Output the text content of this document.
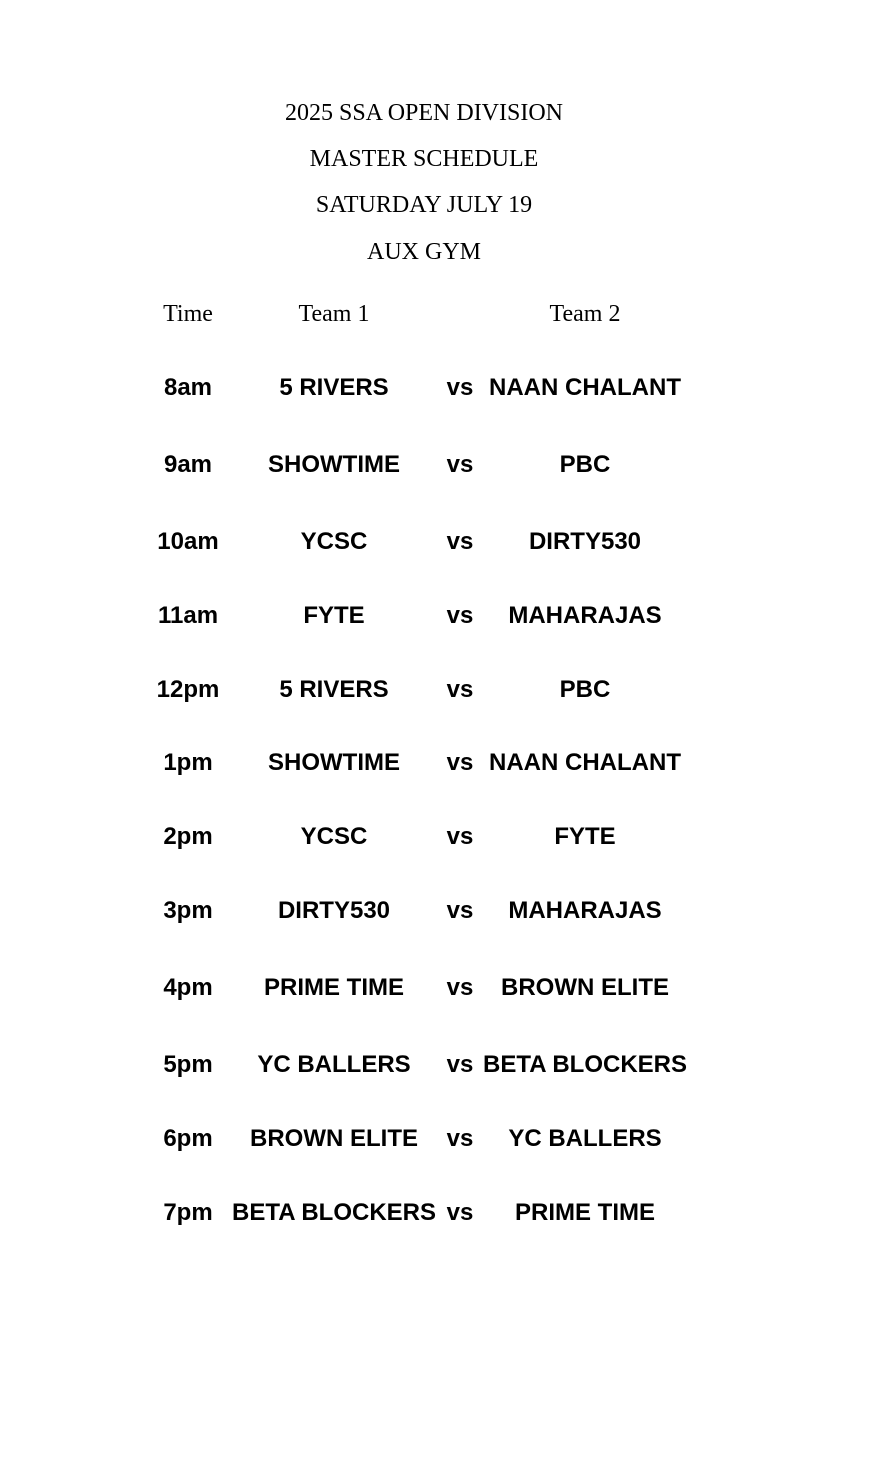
2025 SSA OPEN DIVISION
MASTER SCHEDULE
SATURDAY JULY 19
AUX GYM
Time	Team 1	Team 2
8am	5 RIVERS	vs NAAN CHALANT
9am	SHOWTIME	vs	PBC
10am	YCSC	vs	DIRTY530
11am	FYTE	vs	MAHARAJAS
12pm	5 RIVERS	vs	PBC
1pm	SHOWTIME	vs NAAN CHALANT
2pm	YCSC	vs	FYTE
3pm	DIRTY530	vs	MAHARAJAS
4pm	PRIME TIME	vs	BROWN ELITE
5pm	YC BALLERS	vs BETA BLOCKERS
6pm	BROWN ELITE	vs	YC BALLERS
7pm BETA BLOCKERS vs	PRIME TIME
